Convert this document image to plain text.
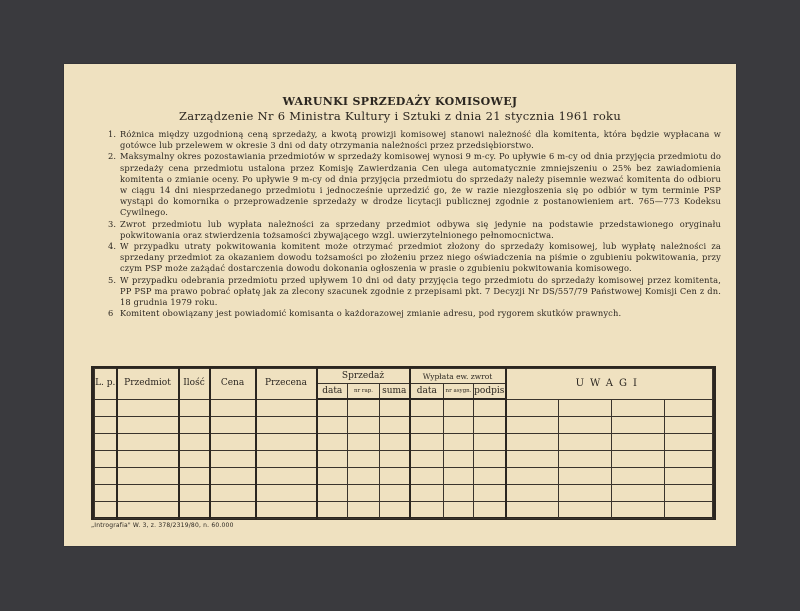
WARUNKI SPRZEDAŻY KOMISOWEJ
Zarządzenie Nr 6 Ministra Kultury i Sztuki z dnia 21 stycznia 1961 roku
1. Różnica między uzgodnioną ceną sprzedaży, a kwotą prowizji komisowej stanowi należność dla komitenta, która będzie wypłacana w gotówce lub przelewem w okresie 3 dni od daty otrzymania należności przez przedsiębiorstwo.
2. Maksymalny okres pozostawiania przedmiotów w sprzedaży komisowej wynosi 9 m-cy. Po upływie 6 m-cy od dnia przyjęcia przedmiotu do sprzedaży cena przedmiotu ustalona przez Komisję Zawierdzania Cen ulega automatycznie zmniejszeniu o 25% bez zawiadomienia komitenta o zmianie oceny. Po upływie 9 m-cy od dnia przyjęcia przedmiotu do sprzedaży należy pisemnie wezwać komitenta do odbioru w ciągu 14 dni niesprzedanego przedmiotu i jednocześnie uprzedzić go, że w razie niezgłoszenia się po odbiór w tym terminie PSP wystąpi do komornika o przeprowadzenie sprzedaży w drodze licytacji publicznej zgodnie z postanowieniem art. 765—773 Kodeksu Cywilnego.
3. Zwrot przedmiotu lub wypłata należności za sprzedany przedmiot odbywa się jedynie na podstawie przedstawionego oryginału pokwitowania oraz stwierdzenia tożsamości zbywającego wzgl. uwierzytelnionego pełnomocnictwa.
4. W przypadku utraty pokwitowania komitent może otrzymać przedmiot złożony do sprzedaży komisowej, lub wypłatę należności za sprzedany przedmiot za okazaniem dowodu tożsamości po złożeniu przez niego oświadczenia na piśmie o zgubieniu pokwitowania, przy czym PSP może zażądać dostarczenia dowodu dokonania ogłoszenia w prasie o zgubieniu pokwitowania komisowego.
5. W przypadku odebrania przedmiotu przed upływem 10 dni od daty przyjęcia tego przedmiotu do sprzedaży komisowej przez komitenta, PP PSP ma prawo pobrać opłatę jak za zlecony szacunek zgodnie z przepisami pkt. 7 Decyzji Nr DS/557/79 Państwowej Komisji Cen z dn. 18 grudnia 1979 roku.
6 Komitent obowiązany jest powiadomić komisanta o każdorazowej zmianie adresu, pod rygorem skutków prawnych.
L. p.	Przedmiot	Ilość	Cena	Przecena	Sprzedaż			Wypłata ew. zwrot			UWAGI			
					data	nr rap.	suma	data	nr asygn.	podpis				

„Intrografia" W. 3, z. 378/2319/80, n. 60.000
